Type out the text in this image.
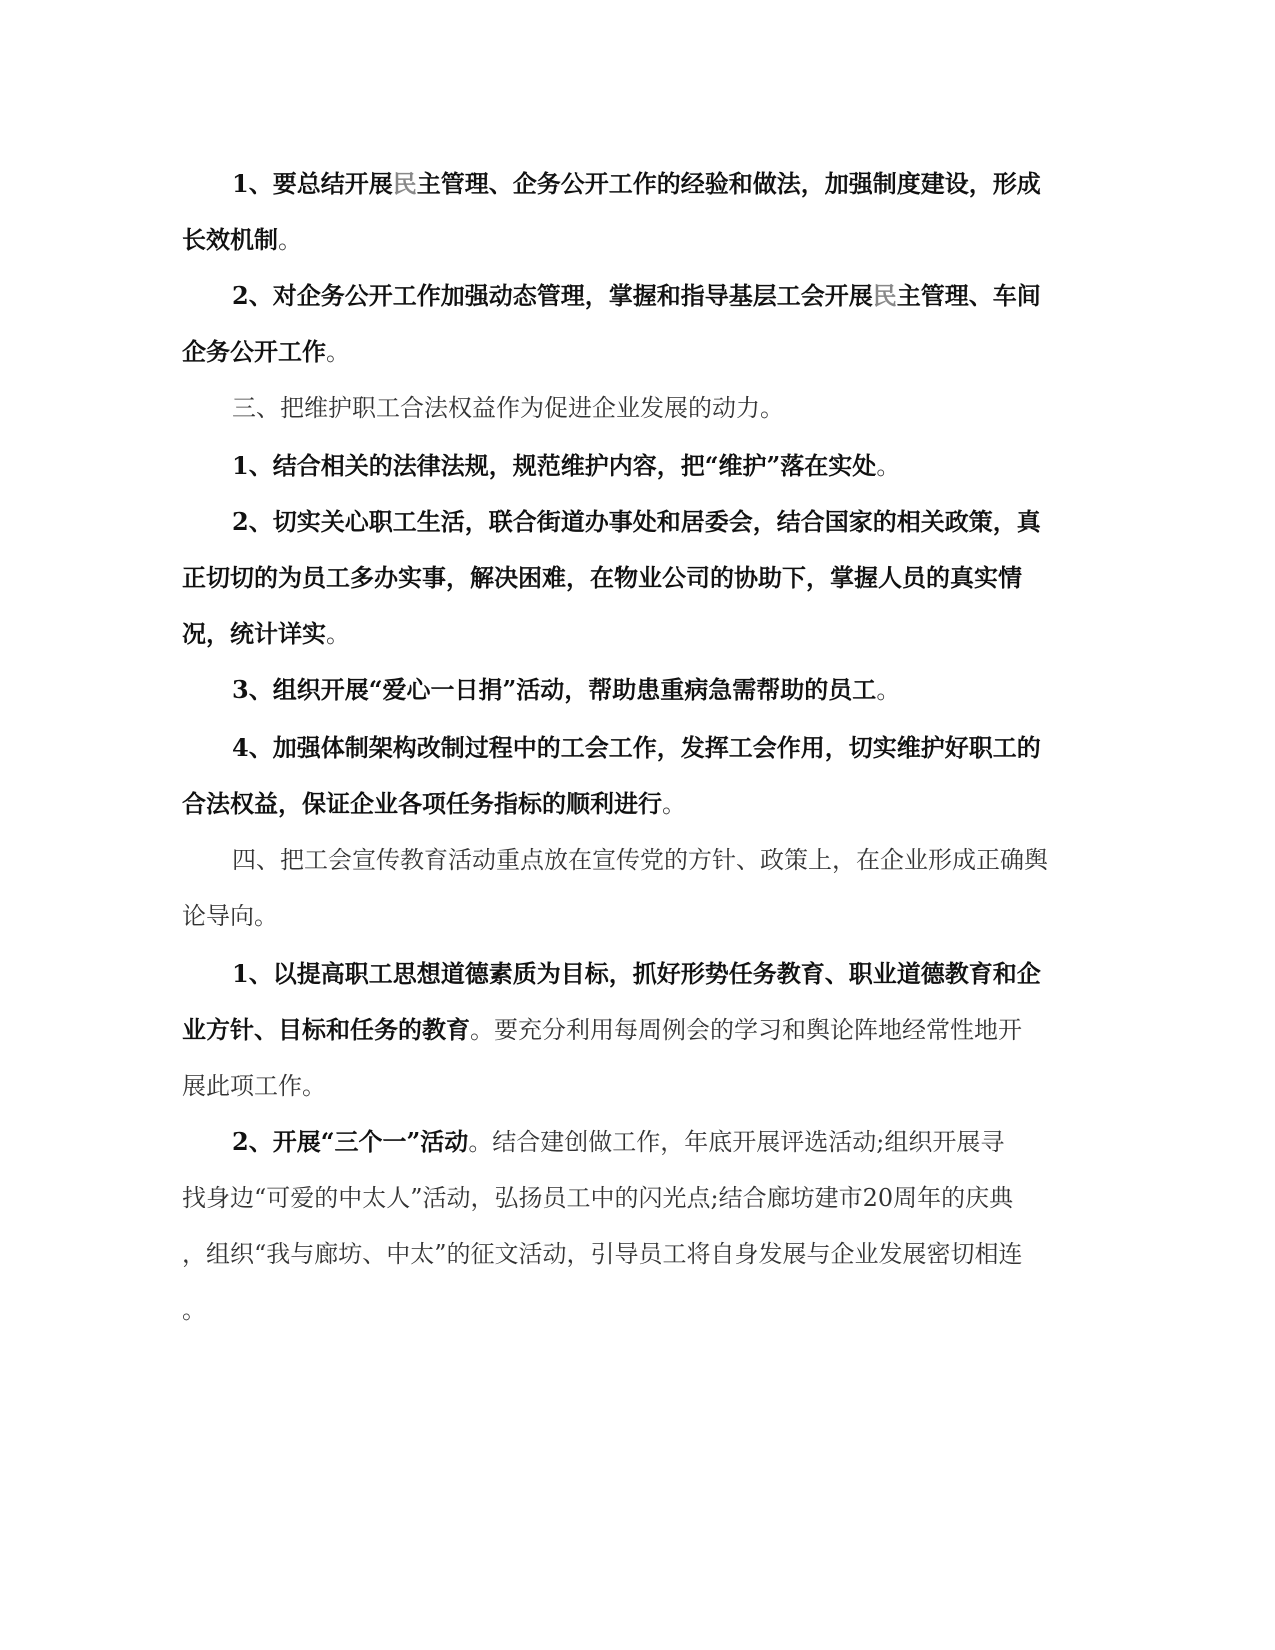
1、要总结开展民主管理、企务公开工作的经验和做法，加强制度建设，形成
长效机制。
2、对企务公开工作加强动态管理，掌握和指导基层工会开展民主管理、车间
企务公开工作。
三、把维护职工合法权益作为促进企业发展的动力。
1、结合相关的法律法规，规范维护内容，把“维护”落在实处。
2、切实关心职工生活，联合街道办事处和居委会，结合国家的相关政策，真
正切切的为员工多办实事，解决困难，在物业公司的协助下，掌握人员的真实情
况，统计详实。
3、组织开展“爱心一日捐”活动，帮助患重病急需帮助的员工。
4、加强体制架构改制过程中的工会工作，发挥工会作用，切实维护好职工的
合法权益，保证企业各项任务指标的顺利进行。
四、把工会宣传教育活动重点放在宣传党的方针、政策上，在企业形成正确舆
论导向。
1、以提高职工思想道德素质为目标，抓好形势任务教育、职业道德教育和企
业方针、目标和任务的教育。要充分利用每周例会的学习和舆论阵地经常性地开
展此项工作。
2、开展“三个一”活动。结合建创做工作，年底开展评选活动;组织开展寻
找身边“可爱的中太人”活动，弘扬员工中的闪光点;结合廊坊建市20周年的庆典
，组织“我与廊坊、中太”的征文活动，引导员工将自身发展与企业发展密切相连
。
